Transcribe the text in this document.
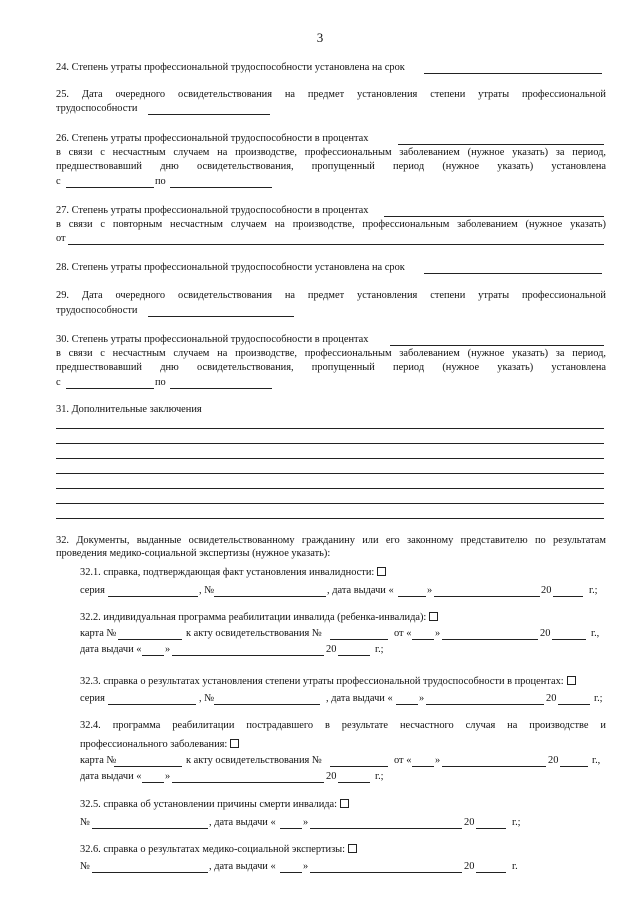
3
24. Степень утраты профессиональной трудоспособности установлена на срок
25. Дата очередного освидетельствования на предмет установления степени утраты профессиональной
трудоспособности
26. Степень утраты профессиональной трудоспособности в процентах
в связи с несчастным случаем на производстве, профессиональным заболеванием (нужное указать) за период,
предшествовавший дню освидетельствования, пропущенный период (нужное указать) установлена
с	по
27. Степень утраты профессиональной трудоспособности в процентах
в связи с повторным несчастным случаем на производстве, профессиональным заболеванием (нужное указать)
от
28. Степень утраты профессиональной трудоспособности установлена на срок
29. Дата очередного освидетельствования на предмет установления степени утраты профессиональной
трудоспособности
30. Степень утраты профессиональной трудоспособности в процентах
в связи с несчастным случаем на производстве, профессиональным заболеванием (нужное указать) за период,
предшествовавший дню освидетельствования, пропущенный период (нужное указать) установлена
с	по
31. Дополнительные заключения
32. Документы, выданные освидетельствованному гражданину или его законному представителю по результатам
проведения медико-социальной экспертизы (нужное указать):
32.1. справка, подтверждающая факт установления инвалидности:
серия	, №	, дата выдачи «	»	20	г.;
32.2. индивидуальная программа реабилитации инвалида (ребенка-инвалида):
карта №	к акту освидетельствования №	от « »	20	г.,
дата выдачи « »	20	г.;
32.3. справка о результатах установления степени утраты профессиональной трудоспособности в процентах:
серия	, №	, дата выдачи «	»	20	г.;
32.4. программа реабилитации пострадавшего в результате несчастного случая на производстве и
профессионального заболевания:
карта №	к акту освидетельствования №	от « »	20	г.,
дата выдачи « »	20	г.;
32.5. справка об установлении причины смерти инвалида:
№	, дата выдачи «	»	20	г.;
32.6. справка о результатах медико-социальной экспертизы:
№	, дата выдачи «	»	20	г.
